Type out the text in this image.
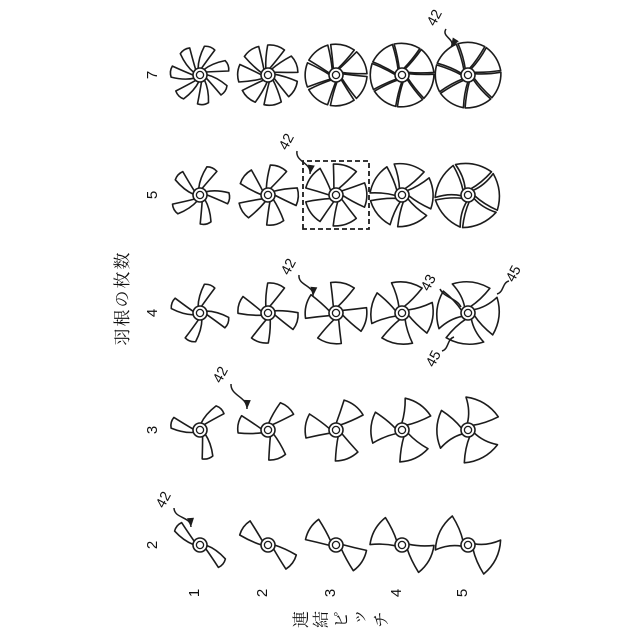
羽根の枚数
連結ピッチ
2
3
4
5
7
1	2	3	4	5
42
42
42
42
42
43	45
45
